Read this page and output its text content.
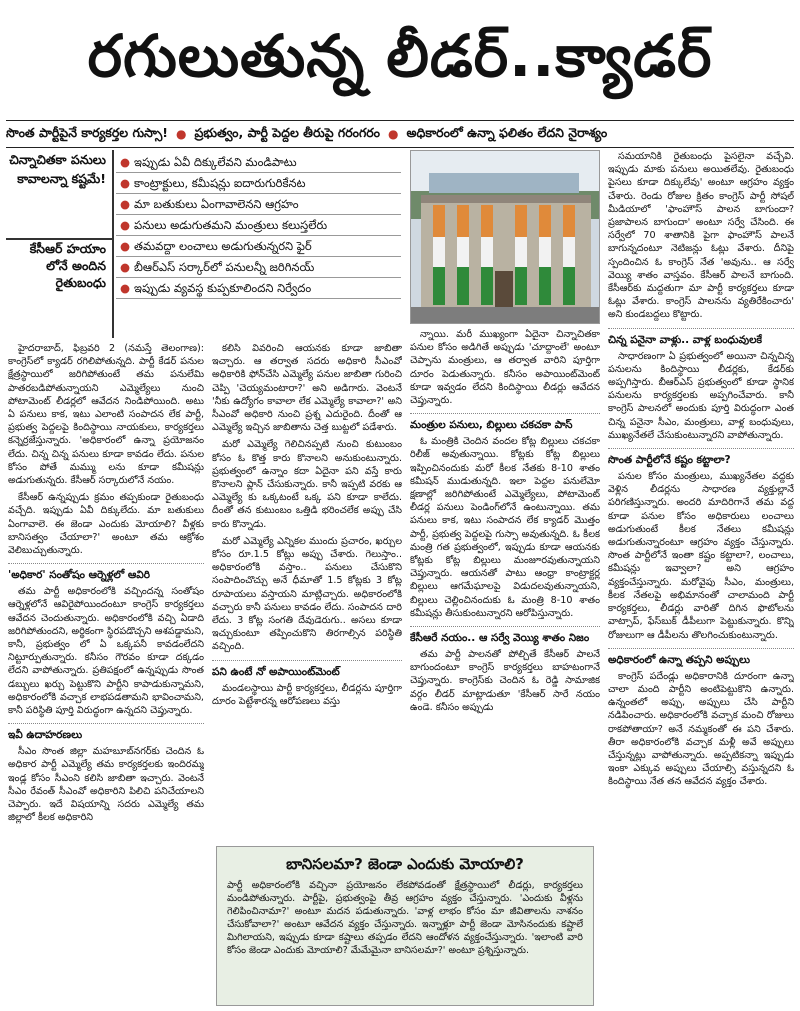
రగులుతున్న లీడర్..క్యాడర్
సొంత పార్టీపైనే కార్యకర్తల గుస్సా! ● ప్రభుత్వం, పార్టీ పెద్దల తీరుపై గరంగరం ● అధికారంలో ఉన్నా ఫలితం లేదని నైరాశ్యం
చిన్నాచితకా పనులు కావాలన్నా కష్టమే!
కేసీఆర్ హయాం లోనే అందిన రైతుబంధు
● ఇప్పుడు ఏవీ దిక్కులేవని మండిపాటు
● కాంట్రాక్టులు, కమీషన్లు ఐదారుగురికేనట
● మా బతుకులు ఏంగావాలెనని ఆగ్రహం
● పనులు అడుగుతమని మంత్రులు కలుస్తలేరు
● తమవద్దా లంచాలు అడుగుతున్నరని ఫైర్
● బీఆర్ఎస్ సర్కార్‌లో పనులన్నీ జరిగినయ్
● ఇప్పుడు వ్యవస్థ కుప్పకూలిందని నిర్వేదం

హైదరాబాద్, ఫిబ్రవరి 2 (నమస్తే తెలంగాణ): కాంగ్రెస్‌లో క్యాడర్ రగిలిపోతున్నది. పార్టీ కేడర్ పనుల క్షేత్రస్థాయిలో జరిగిపోతుంటే తమ పనులేమి పాతరబడిపోతున్నాయని ఎమ్మెల్యేలు నుంచి పోటామెంట్ లీడర్లలో ఆవేదన నిండిపోయింది. అటు ఏ పనులు కాక, ఇటు ఎలాంటి సంపాదన లేక పార్టీ, ప్రభుత్వ పెద్దలపై కిందిస్థాయి నాయకులు, కార్యకర్తలు కన్నెర్రజేస్తున్నారు. 'అధికారంలో ఉన్నా ప్రయోజనం లేదు. చిన్న చిన్న పనులు కూడా కావడం లేదు. పనుల కోసం పోతే మమ్ము లను కూడా కమీషన్లు అడుగుతున్నరు. కేసీఆర్ సర్కారులోనే నయం.

కేసీఆర్ ఉన్నప్పుడు క్రమం తప్పకుండా రైతుబంధు వచ్చేది. ఇప్పుడు ఏవీ దిక్కులేదు. మా బతుకులు ఏంగావాలె. ఈ జెండా ఎందుకు మోయాలి? వీళ్లకు బానిసత్వం చేయాలా?' అంటూ తమ ఆక్రోశం వెలిబుచ్చుతున్నారు.

'అధికార' సంతోషం ఆర్నెళ్లలో ఆవిరి

తమ పార్టీ అధికారంలోకి వచ్చిందన్న సంతోషం ఆర్నెళ్లలోనే ఆవిరైపోయిందంటూ కాంగ్రెస్ కార్యకర్తలు ఆవేదన చెందుతున్నారు. అధికారంలోకి వచ్చి ఏడాది జరిగిపోతుందని, అర్థికంగా స్థిరపడొచ్చని ఆశపడ్డామని, కానీ, ప్రభుత్వం లో ఏ ఒక్కపనీ కావడంలేదని నిట్టూర్పుతున్నారు. కనీసం గౌరవం కూడా దక్కడం లేదని వాపోతున్నారు. ప్రతిపక్షంలో ఉన్నప్పుడు సొంత డబ్బులు ఖర్చు పెట్టుకొని పార్టీని కాపాడుకున్నామని, అధికారంలోకి వచ్చాక లాభపడతామని భావించామని, కానీ పరిస్థితి పూర్తి విరుద్ధంగా ఉన్నదని చెప్తున్నారు.

ఇవీ ఉదాహరణలు

సీఎం సొంత జిల్లా మహబూబ్‌నగర్‌కు చెందిన ఓ అధికార పార్టీ ఎమ్మెల్యే తమ కార్యకర్తలకు ఇందిరమ్మ ఇండ్ల కోసం సీఎంని కలిసి జాబితా ఇచ్చారు. వెంటనే సీఎం రేవంత్ సీఎంవో అధికారిని పిలిచి పనిచేయాలని చెప్పారు. ఇదే విషయాన్ని సదరు ఎమ్మెల్యే తమ జిల్లాలో కీలక అధికారిని

కలిసి వివరించి ఆయనకు కూడా జాబితా ఇచ్చారు. ఆ తర్వాత సదరు అధికారి సీఎంవో అధికారికి ఫోన్‌చేసి ఎమ్మెల్యే పనుల జాబితా గురించి చెప్పి 'చెయ్యమంటారా?' అని అడిగారు. వెంటనే 'నీకు ఉద్యోగం కావాలా లేక ఎమ్మెల్యే కావాలా?' అని సీఎంవో అధికారి నుంచి ప్రశ్న ఎదురైంది. దీంతో ఆ ఎమ్మెల్యే ఇచ్చిన జాబితాను చెత్త బుట్టలో పడేశారు.

మరో ఎమ్మెల్యే గెలిచినప్పటి నుంచి కుటుంబం కోసం ఓ కొత్త కారు కొనాలని అనుకుంటున్నారు. ప్రభుత్వంలో ఉన్నాం కదా ఏదైనా పని వస్తే కారు కొనాలని ప్లాన్ చేసుకున్నారు. కానీ ఇప్పటి వరకు ఆ ఎమ్మెల్యే కు ఒక్కటంటే ఒక్క పని కూడా కాలేదు. దీంతో తన కుటుంబం ఒత్తిడి భరించలేక అప్పు చేసి కారు కొన్నాడు.

మరో ఎమ్మెల్యే ఎన్నికల ముందు ప్రచారం, ఖర్చుల కోసం రూ.1.5 కోట్లు అప్పు చేశారు. గెలుస్తాం.. అధికారంలోకి వస్తాం.. పనులు చేసుకొని సంపాదించొచ్చు అనే ధీమాతో 1.5 కోట్లకు 3 కోట్ల రూపాయలు వస్తాయని మాట్లిచ్చారు. అధికారంలోకి వచ్చారు కానీ పనులు కావడం లేదు. సంపాదన దారి లేదు. 3 కోట్ల సంగతి దేవుడెరుగు.. అసలు కూడా ఇచ్చుకుంటూ తప్పించుకొని తిరగాల్సిన పరిస్థితి వచ్చింది.

పని ఉంటే నో అపాయింట్‌మెంట్

మండలస్థాయి పార్టీ కార్యకర్తలు, లీడర్లను పూర్తిగా దూరం పెట్టేశారన్న ఆరోపణలు వస్తు

న్నాయి. మరీ ముఖ్యంగా ఏదైనా చిన్నాచితకా పనుల కోసం అడిగితే అప్పుడు 'చూద్దాంలే' అంటూ చెప్పాను మంత్రులు, ఆ తర్వాత వారిని పూర్తిగా దూరం పెడుతున్నారు. కనీసం అపాయింట్‌మెంట్ కూడా ఇవ్వడం లేదని కిందిస్థాయి లీడర్లు ఆవేదన చెప్తున్నారు.

మంత్రుల పనులు, బిల్లులు చకచకా పాస్

ఓ మంత్రికి చెందిన వందల కోట్ల బిల్లులు చకచకా రిలీజ్ అవుతున్నాయి. కోట్లకు కోట్ల బిల్లులు ఇప్పించినందుకు మరో కీలక నేతకు 8-10 శాతం కమీషన్ ముడుతున్నది. ఇలా పెద్దల పనులేమో క్షణాల్లో జరిగిపోతుంటే ఎమ్మెల్యేలు, పోటామెంట్ లీడర్ల పనులు పెండింగ్‌లోనే ఉంటున్నాయి. తమ పనులు కాక, ఇటు సంపాదన లేక క్యాడర్ మొత్తం పార్టీ, ప్రభుత్వ పెద్దలపై గుస్సా అవుతున్నది. ఓ కీలక మంత్రి గత ప్రభుత్వంలో, ఇప్పుడు కూడా ఆయనకు కోట్లకు కోట్ల బిల్లులు మంజూరవుతున్నాయని చెప్తున్నారు. ఆయనతో పాటు ఆంధ్రా కాంట్రాక్టర్ల బిల్లులు ఆగమేఘాలపై విడుదలవుతున్నాయని, బిల్లులు చెల్లించినందుకు ఓ మంత్రి 8-10 శాతం కమీషన్లు తీసుకుంటున్నారని ఆరోపిస్తున్నారు.

కేసీఆరే నయం.. ఆ సర్వే వెయ్యి శాతం నిజం

తమ పార్టీ పాలనతో పోల్చితే కేసీఆర్ పాలనే బాగుందంటూ కాంగ్రెస్ కార్యకర్తలు బాహటంగానే చెప్తున్నారు. కాంగ్రెస్‌కు చెందిన ఓ రెడ్డి సామాజిక వర్గం లీడర్ మాట్లాడుతూ 'కేసీఆర్ సారే నయం ఉండె. కనీసం అప్పుడు

సమయానికి రైతుబంధు పైసలైనా వచ్చేవి. ఇప్పుడు మాకు పనులు అయితలేవు. రైతుబంధు పైసలు కూడా దిక్కులేవు' అంటూ ఆగ్రహం వ్యక్తం చేశారు. రెండు రోజుల క్రితం కాంగ్రెస్ పార్టీ సోషల్ మీడియాలో 'ఫాంహౌస్ పాలన బాగుందా? ప్రజాపాలన బాగుందా' అంటూ సర్వే చేసింది. ఈ సర్వేలో 70 శాతానికి పైగా ఫాంహౌస్ పాలనే బాగున్నదంటూ నెటిజన్లు ఓట్లు వేశారు. దీనిపై స్పందించిన ఓ కాంగ్రెస్ నేత 'అవును.. ఆ సర్వే వెయ్యి శాతం వాస్తవం. కేసీఆర్ పాలనే బాగుంది. కేసీఆర్‌కు మద్దతుగా మా పార్టీ కార్యకర్తలు కూడా ఓట్లు వేశారు. కాంగ్రెస్ పాలనను వ్యతిరేకించారు' అని కుండబద్దలు కొట్టారు.

చిన్న పనైనా వాళ్లు.. వాళ్ల బంధువులకే

సాధారణంగా ఏ ప్రభుత్వంలో అయినా చిన్నచిన్న పనులను కిందిస్థాయి లీడర్లకు, కేడర్‌కు అప్పగిస్తారు. బీఆర్ఎస్ ప్రభుత్వంలో కూడా స్థానిక పనులను కార్యకర్తలకు అప్పగించేవారు. కానీ కాంగ్రెస్ పాలనలో అందుకు పూర్తి విరుద్ధంగా ఎంత చిన్న పనైనా సీఎం, మంత్రులు, వాళ్ల బంధువులు, ముఖ్యనేతలే చేసుకుంటున్నారని వాపోతున్నారు.

సొంత పార్టీలోనే కష్టం కట్టాలా?

పనుల కోసం మంత్రులు, ముఖ్యనేతల వద్దకు వెళ్లిన లీడర్లను సాధారణ వ్యక్తుల్లానే పరిగణిస్తున్నారు. అందరి మాదిరిగానే తమ వద్ద కూడా పనుల కోసం అధికారులు లంచాలు అడుగుతుంటే కీలక నేతలు కమీషన్లు అడుగుతున్నారంటూ ఆగ్రహం వ్యక్తం చేస్తున్నారు. సొంత పార్టీలోనే ఇంతా కష్టం కట్టాలా?, లంచాలు, కమీషన్లు ఇవ్వాలా? అని ఆగ్రహం వ్యక్తంచేస్తున్నారు. మరోవైపు సీఎం, మంత్రులు, కీలక నేతలపై అభిమానంతో చాలామంది పార్టీ కార్యకర్తలు, లీడర్లు వారితో దిగిన ఫొటోలను వాట్సాప్, ఫేస్‌బుక్ డీపీలుగా పెట్టుకున్నారు. కొన్ని రోజులుగా ఆ డీపీలను తొలగించుకుంటున్నారు.

అధికారంలో ఉన్నా తప్పని అప్పులు

కాంగ్రెస్ పదేండ్లు అధికారానికి దూరంగా ఉన్నా చాలా మంది పార్టీని అంటిపెట్టుకొని ఉన్నారు. ఉన్నంతలో అప్పు, అప్పులు చేసి పార్టీని నడిపించారు. అధికారంలోకి వచ్చాక మంచి రోజులు రాకపోతాయా? అనే నమ్మకంతో ఈ పని చేశారు. తీరా అధికారంలోకి వచ్చాక మళ్లీ అవే అప్పులు చేస్తున్నట్లు వాపోతున్నారు. అప్పటికన్నా ఇప్పుడు ఇంకా ఎక్కువ అప్పులు చేయాల్సి వస్తున్నదని ఓ కిందిస్థాయి నేత తన ఆవేదన వ్యక్తం చేశారు.

బానిసలమా? జెండా ఎందుకు మోయాలి?
పార్టీ అధికారంలోకి వచ్చినా ప్రయోజనం లేకపోవడంతో క్షేత్రస్థాయిలో లీడర్లు, కార్యకర్తలు మండిపోతున్నారు. పార్టీపై, ప్రభుత్వంపై తీవ్ర ఆగ్రహం వ్యక్తం చేస్తున్నారు. 'ఎందుకు వీళ్లను గెలిపించినామా?' అంటూ మదన పడుతున్నారు. 'వాళ్ల లాభం కోసం మా జీవితాలను నాశనం చేసుకోవాలా?' అంటూ ఆవేదన వ్యక్తం చేస్తున్నారు. ఇన్నాళ్లూ పార్టీ జెండా మోసినందుకు కష్టాలే మిగిలాయని, ఇప్పుడు కూడా కష్టాలు తప్పడం లేదని ఆందోళన వ్యక్తంచేస్తున్నారు. 'ఇలాంటి వారి కోసం జెండా ఎందుకు మోయాలి? మేమేమైనా బానిసలమా?' అంటూ ప్రశ్నిస్తున్నారు.
